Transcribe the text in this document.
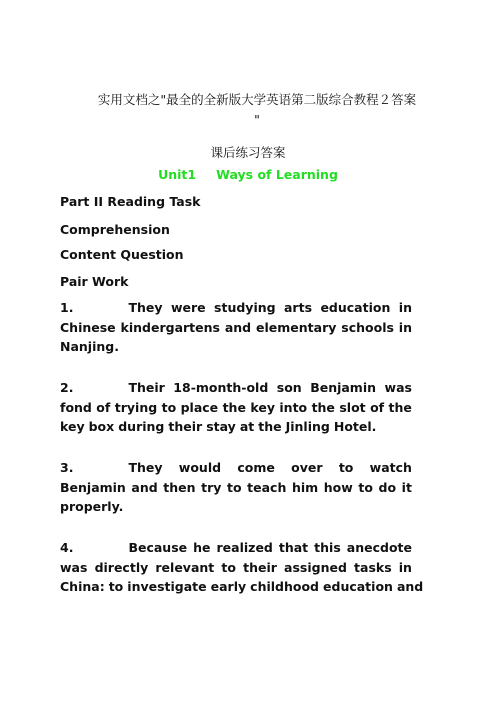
实用文档之"最全的全新版大学英语第二版综合教程２答案
"
课后练习答案
Unit1 Ways of Learning
Part II Reading Task
Comprehension
Content Question
Pair Work
1.	They were studying arts education in
Chinese kindergartens and elementary schools in
Nanjing.
2.	Their 18-month-old son Benjamin was
fond of trying to place the key into the slot of the
key box during their stay at the Jinling Hotel.
3.	They would come over to watch
Benjamin and then try to teach him how to do it
properly.
4.	Because he realized that this anecdote
was directly relevant to their assigned tasks in
China: to investigate early childhood education and
